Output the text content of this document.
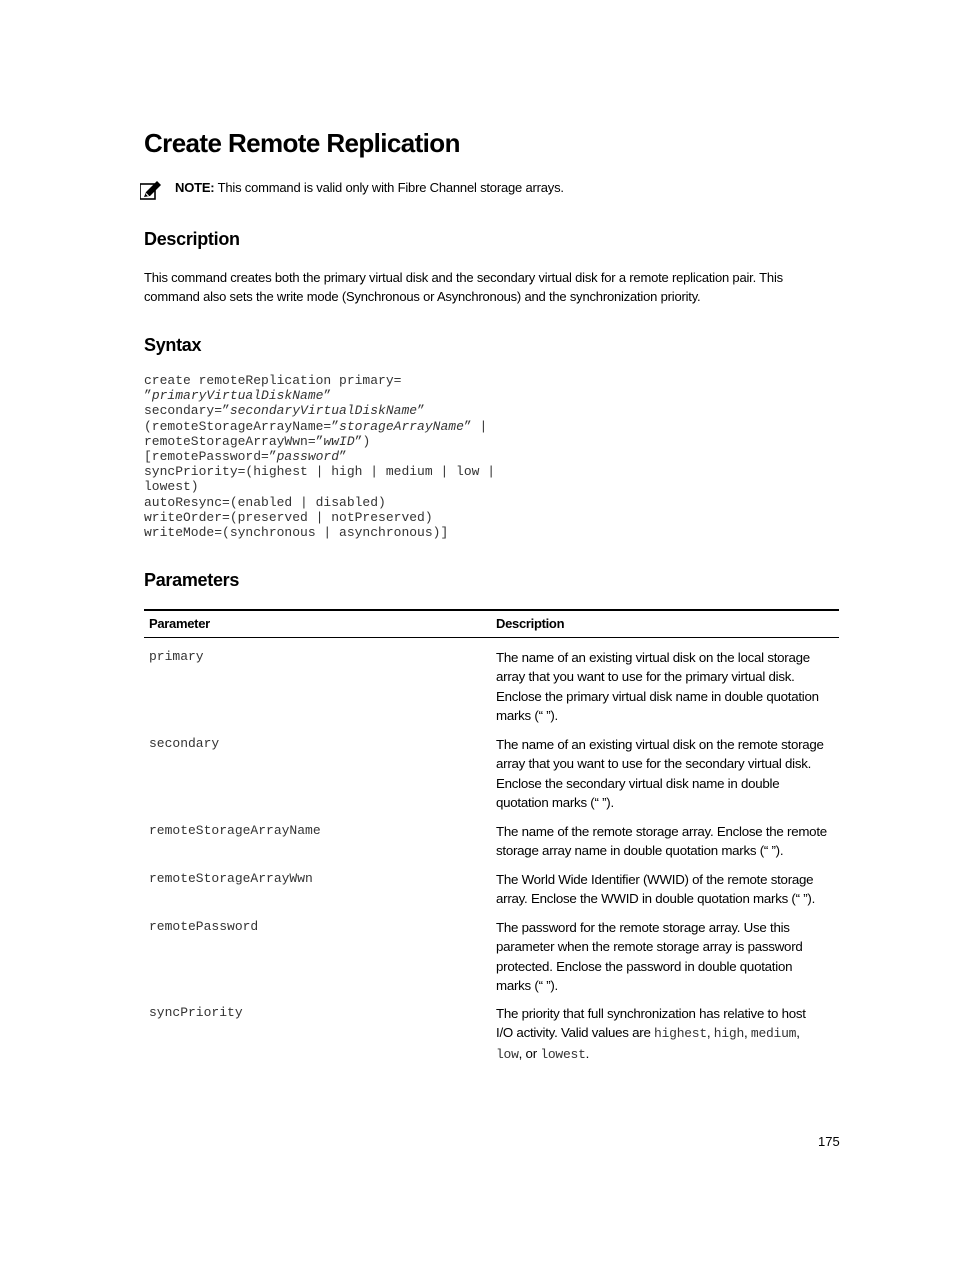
Create Remote Replication
NOTE: This command is valid only with Fibre Channel storage arrays.
Description

This command creates both the primary virtual disk and the secondary virtual disk for a remote replication pair. This command also sets the write mode (Synchronous or Asynchronous) and the synchronization priority.

Syntax
create remoteReplication primary=
”primaryVirtualDiskName”
secondary=”secondaryVirtualDiskName”
(remoteStorageArrayName=”storageArrayName” |
remoteStorageArrayWwn=”wwID”)
[remotePassword=”password”
syncPriority=(highest | high | medium | low |
lowest)
autoResync=(enabled | disabled)
writeOrder=(preserved | notPreserved)
writeMode=(synchronous | asynchronous)]
Parameters
Parameter	Description
primary	The name of an existing virtual disk on the local storage
array that you want to use for the primary virtual disk.
Enclose the primary virtual disk name in double quotation
marks (“ ”).
secondary	The name of an existing virtual disk on the remote storage
array that you want to use for the secondary virtual disk.
Enclose the secondary virtual disk name in double
quotation marks (“ ”).
remoteStorageArrayName	The name of the remote storage array. Enclose the remote
storage array name in double quotation marks (“ ”).
remoteStorageArrayWwn	The World Wide Identifier (WWID) of the remote storage
array. Enclose the WWID in double quotation marks (“ ”).
remotePassword	The password for the remote storage array. Use this
parameter when the remote storage array is password
protected. Enclose the password in double quotation
marks (“ ”).
syncPriority	The priority that full synchronization has relative to host
I/O activity. Valid values are highest, high, medium,
low, or lowest.
175
